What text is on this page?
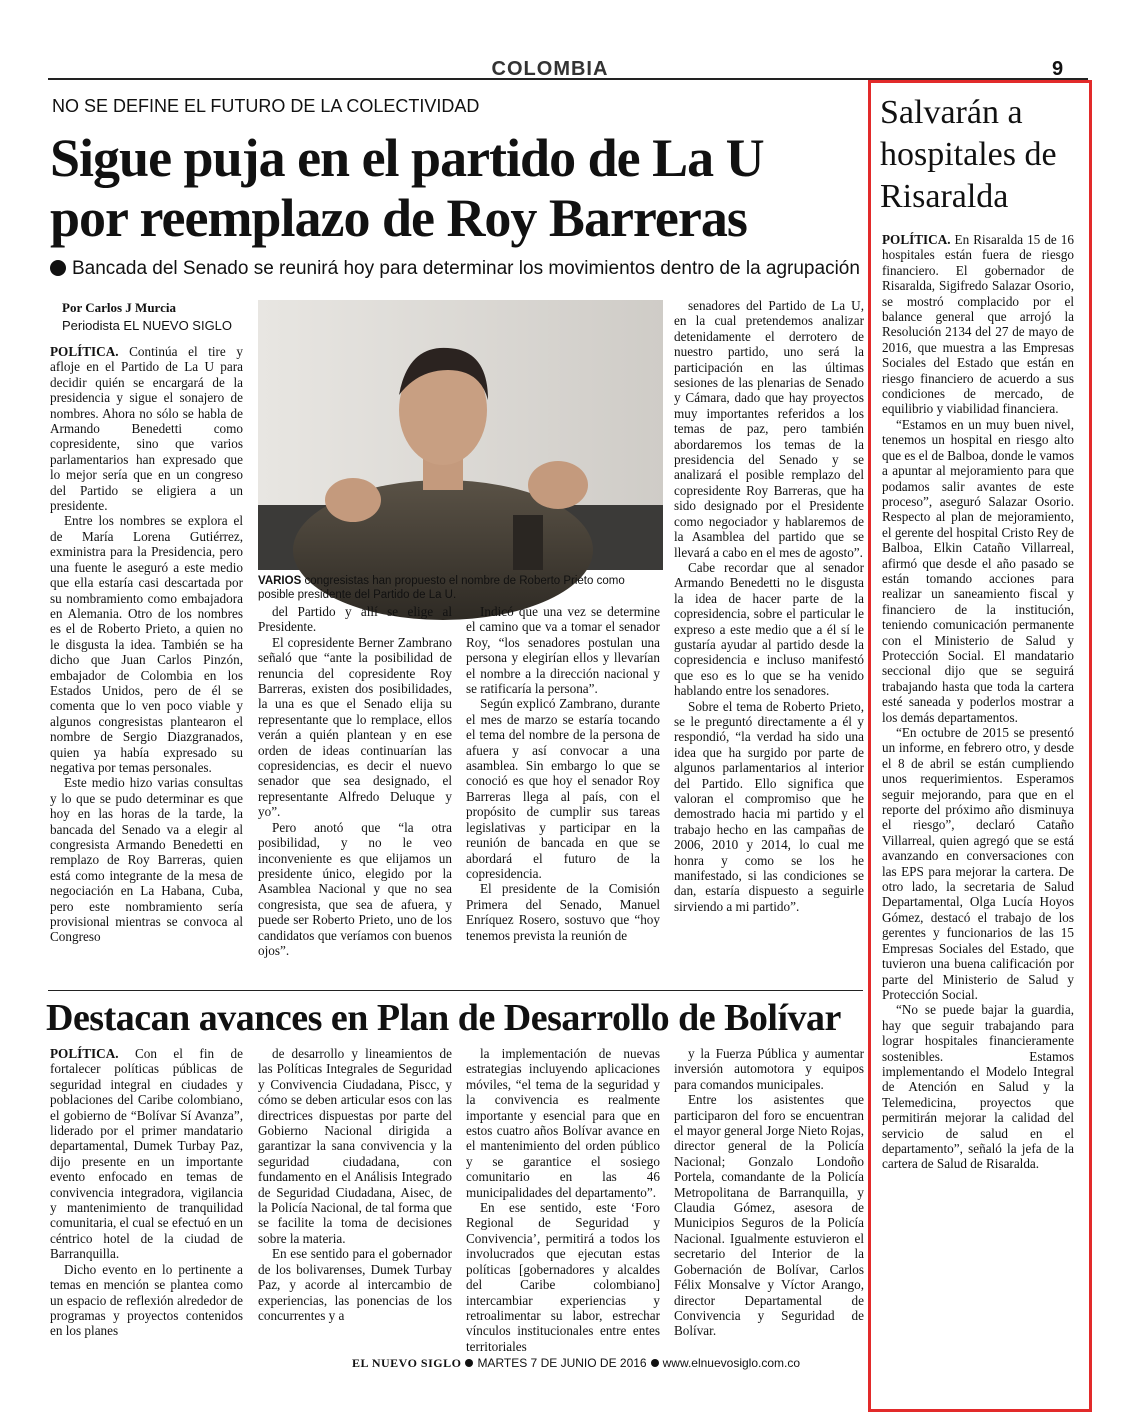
COLOMBIA	9
NO SE DEFINE EL FUTURO DE LA COLECTIVIDAD
Sigue puja en el partido de La U por reemplazo de Roy Barreras
Bancada del Senado se reunirá hoy para determinar los movimientos dentro de la agrupación
Por Carlos J Murcia
Periodista EL NUEVO SIGLO

POLÍTICA. Continúa el tire y afloje en el Partido de La U para decidir quién se encargará de la presidencia y sigue el sonajero de nombres. Ahora no sólo se habla de Armando Benedetti como copresidente, sino que varios parlamentarios han expresado que lo mejor sería que en un congreso del Partido se eligiera a un presidente.

Entre los nombres se explora el de María Lorena Gutiérrez, exministra para la Presidencia, pero una fuente le aseguró a este medio que ella estaría casi descartada por su nombramiento como embajadora en Alemania. Otro de los nombres es el de Roberto Prieto, a quien no le disgusta la idea. También se ha dicho que Juan Carlos Pinzón, embajador de Colombia en los Estados Unidos, pero de él se comenta que lo ven poco viable y algunos congresistas plantearon el nombre de Sergio Diazgranados, quien ya había expresado su negativa por temas personales.

Este medio hizo varias consultas y lo que se pudo determinar es que hoy en las horas de la tarde, la bancada del Senado va a elegir al congresista Armando Benedetti en remplazo de Roy Barreras, quien está como integrante de la mesa de negociación en La Habana, Cuba, pero este nombramiento sería provisional mientras se convoca al Congreso

VARIOS congresistas han propuesto el nombre de Roberto Prieto como posible presidente del Partido de La U.

del Partido y allí se elige al Presidente.

El copresidente Berner Zambrano señaló que “ante la posibilidad de renuncia del copresidente Roy Barreras, existen dos posibilidades, la una es que el Senado elija su representante que lo remplace, ellos verán a quién plantean y en ese orden de ideas continuarían las copresidencias, es decir el nuevo senador que sea designado, el representante Alfredo Deluque y yo”.

Pero anotó que “la otra posibilidad, y no le veo inconveniente es que elijamos un presidente único, elegido por la Asamblea Nacional y que no sea congresista, que sea de afuera, y puede ser Roberto Prieto, uno de los candidatos que veríamos con buenos ojos”.

Indicó que una vez se determine el camino que va a tomar el senador Roy, “los senadores postulan una persona y elegirían ellos y llevarían el nombre a la dirección nacional y se ratificaría la persona”.

Según explicó Zambrano, durante el mes de marzo se estaría tocando el tema del nombre de la persona de afuera y así convocar a una asamblea. Sin embargo lo que se conoció es que hoy el senador Roy Barreras llega al país, con el propósito de cumplir sus tareas legislativas y participar en la reunión de bancada en que se abordará el futuro de la copresidencia.

El presidente de la Comisión Primera del Senado, Manuel Enríquez Rosero, sostuvo que “hoy tenemos prevista la reunión de

senadores del Partido de La U, en la cual pretendemos analizar detenidamente el derrotero de nuestro partido, uno será la participación en las últimas sesiones de las plenarias de Senado y Cámara, dado que hay proyectos muy importantes referidos a los temas de paz, pero también abordaremos los temas de la presidencia del Senado y se analizará el posible remplazo del copresidente Roy Barreras, que ha sido designado por el Presidente como negociador y hablaremos de la Asamblea del partido que se llevará a cabo en el mes de agosto”.

Cabe recordar que al senador Armando Benedetti no le disgusta la idea de hacer parte de la copresidencia, sobre el particular le expreso a este medio que a él sí le gustaría ayudar al partido desde la copresidencia e incluso manifestó que eso es lo que se ha venido hablando entre los senadores.

Sobre el tema de Roberto Prieto, se le preguntó directamente a él y respondió, “la verdad ha sido una idea que ha surgido por parte de algunos parlamentarios al interior del Partido. Ello significa que valoran el compromiso que he demostrado hacia mi partido y el trabajo hecho en las campañas de 2006, 2010 y 2014, lo cual me honra y como se los he manifestado, si las condiciones se dan, estaría dispuesto a seguirle sirviendo a mi partido”.

Destacan avances en Plan de Desarrollo de Bolívar

POLÍTICA. Con el fin de fortalecer políticas públicas de seguridad integral en ciudades y poblaciones del Caribe colombiano, el gobierno de “Bolívar Sí Avanza”, liderado por el primer mandatario departamental, Dumek Turbay Paz, dijo presente en un importante evento enfocado en temas de convivencia integradora, vigilancia y mantenimiento de tranquilidad comunitaria, el cual se efectuó en un céntrico hotel de la ciudad de Barranquilla.

Dicho evento en lo pertinente a temas en mención se plantea como un espacio de reflexión alrededor de programas y proyectos contenidos en los planes

de desarrollo y lineamientos de las Políticas Integrales de Seguridad y Convivencia Ciudadana, Piscc, y cómo se deben articular esos con las directrices dispuestas por parte del Gobierno Nacional dirigida a garantizar la sana convivencia y la seguridad ciudadana, con fundamento en el Análisis Integrado de Seguridad Ciudadana, Aisec, de la Policía Nacional, de tal forma que se facilite la toma de decisiones sobre la materia.

En ese sentido para el gobernador de los bolivarenses, Dumek Turbay Paz, y acorde al intercambio de experiencias, las ponencias de los concurrentes y a

la implementación de nuevas estrategias incluyendo aplicaciones móviles, “el tema de la seguridad y la convivencia es realmente importante y esencial para que en estos cuatro años Bolívar avance en el mantenimiento del orden público y se garantice el sosiego comunitario en las 46 municipalidades del departamento”.

En ese sentido, este ‘Foro Regional de Seguridad y Convivencia’, permitirá a todos los involucrados que ejecutan estas políticas [gobernadores y alcaldes del Caribe colombiano] intercambiar experiencias y retroalimentar su labor, estrechar vínculos institucionales entre entes territoriales

y la Fuerza Pública y aumentar inversión automotora y equipos para comandos municipales.

Entre los asistentes que participaron del foro se encuentran el mayor general Jorge Nieto Rojas, director general de la Policía Nacional; Gonzalo Londoño Portela, comandante de la Policía Metropolitana de Barranquilla, y Claudia Gómez, asesora de Municipios Seguros de la Policía Nacional. Igualmente estuvieron el secretario del Interior de la Gobernación de Bolívar, Carlos Félix Monsalve y Víctor Arango, director Departamental de Convivencia y Seguridad de Bolívar.

Salvarán a hospitales de Risaralda

POLÍTICA. En Risaralda 15 de 16 hospitales están fuera de riesgo financiero. El gobernador de Risaralda, Sigifredo Salazar Osorio, se mostró complacido por el balance general que arrojó la Resolución 2134 del 27 de mayo de 2016, que muestra a las Empresas Sociales del Estado que están en riesgo financiero de acuerdo a sus condiciones de mercado, de equilibrio y viabilidad financiera.

“Estamos en un muy buen nivel, tenemos un hospital en riesgo alto que es el de Balboa, donde le vamos a apuntar al mejoramiento para que podamos salir avantes de este proceso”, aseguró Salazar Osorio. Respecto al plan de mejoramiento, el gerente del hospital Cristo Rey de Balboa, Elkin Cataño Villarreal, afirmó que desde el año pasado se están tomando acciones para realizar un saneamiento fiscal y financiero de la institución, teniendo comunicación permanente con el Ministerio de Salud y Protección Social. El mandatario seccional dijo que se seguirá trabajando hasta que toda la cartera esté saneada y poderlos mostrar a los demás departamentos.

“En octubre de 2015 se presentó un informe, en febrero otro, y desde el 8 de abril se están cumpliendo unos requerimientos. Esperamos seguir mejorando, para que en el reporte del próximo año disminuya el riesgo”, declaró Cataño Villarreal, quien agregó que se está avanzando en conversaciones con las EPS para mejorar la cartera. De otro lado, la secretaria de Salud Departamental, Olga Lucía Hoyos Gómez, destacó el trabajo de los gerentes y funcionarios de las 15 Empresas Sociales del Estado, que tuvieron una buena calificación por parte del Ministerio de Salud y Protección Social.

“No se puede bajar la guardia, hay que seguir trabajando para lograr hospitales financieramente sostenibles. Estamos implementando el Modelo Integral de Atención en Salud y la Telemedicina, proyectos que permitirán mejorar la calidad del servicio de salud en el departamento”, señaló la jefa de la cartera de Salud de Risaralda.

EL NUEVO SIGLO MARTES 7 DE JUNIO DE 2016 www.elnuevosiglo.com.co
